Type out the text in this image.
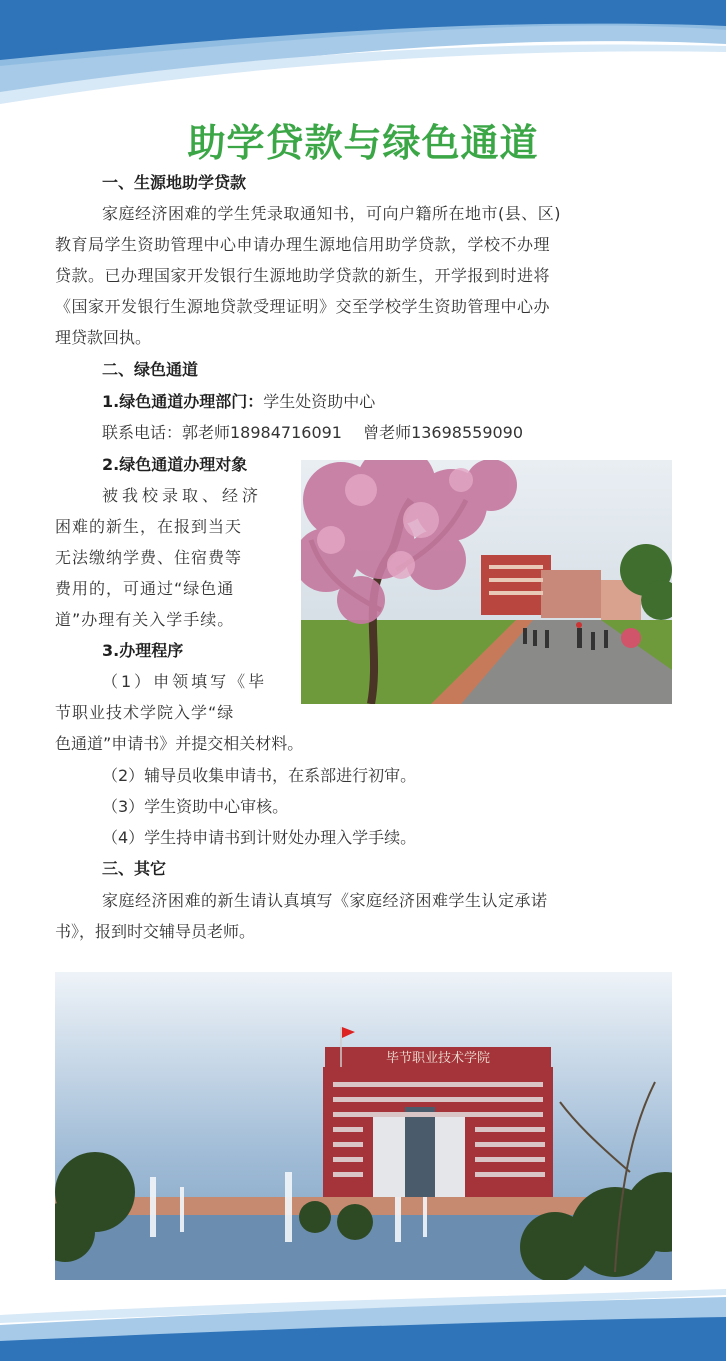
助学贷款与绿色通道
一、生源地助学贷款
家庭经济困难的学生凭录取通知书，可向户籍所在地市(县、区)
教育局学生资助管理中心申请办理生源地信用助学贷款，学校不办理
贷款。已办理国家开发银行生源地助学贷款的新生，开学报到时进将
《国家开发银行生源地贷款受理证明》交至学校学生资助管理中心办
理贷款回执。
二、绿色通道
1.绿色通道办理部门：学生处资助中心
联系电话：郭老师18984716091　 曾老师13698559090
2.绿色通道办理对象
被我校录取、经济
困难的新生，在报到当天
无法缴纳学费、住宿费等
费用的，可通过“绿色通
道”办理有关入学手续。
3.办理程序
（1）申领填写《毕
节职业技术学院入学“绿
色通道”申请书》并提交相关材料。
（2）辅导员收集申请书，在系部进行初审。
（3）学生资助中心审核。
（4）学生持申请书到计财处办理入学手续。
三、其它
家庭经济困难的新生请认真填写《家庭经济困难学生认定承诺
书》，报到时交辅导员老师。
毕节职业技术学院
